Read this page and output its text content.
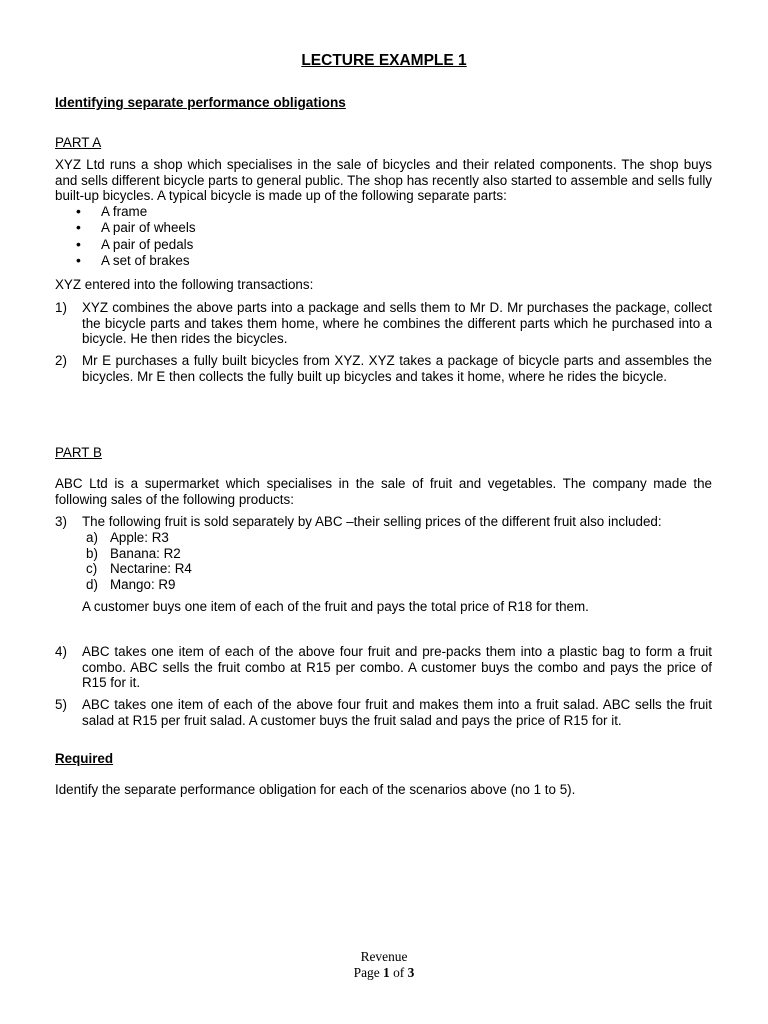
LECTURE EXAMPLE 1
Identifying separate performance obligations
PART A
XYZ Ltd runs a shop which specialises in the sale of bicycles and their related components. The shop buys and sells different bicycle parts to general public. The shop has recently also started to assemble and sells fully built-up bicycles. A typical bicycle is made up of the following separate parts:
• A frame
• A pair of wheels
• A pair of pedals
• A set of brakes
XYZ entered into the following transactions:
1) XYZ combines the above parts into a package and sells them to Mr D. Mr purchases the package, collect the bicycle parts and takes them home, where he combines the different parts which he purchased into a bicycle. He then rides the bicycles.
2) Mr E purchases a fully built bicycles from XYZ. XYZ takes a package of bicycle parts and assembles the bicycles. Mr E then collects the fully built up bicycles and takes it home, where he rides the bicycle.
PART B
ABC Ltd is a supermarket which specialises in the sale of fruit and vegetables. The company made the following sales of the following products:
3) The following fruit is sold separately by ABC –their selling prices of the different fruit also included:
a) Apple: R3
b) Banana: R2
c) Nectarine: R4
d) Mango: R9
A customer buys one item of each of the fruit and pays the total price of R18 for them.
4) ABC takes one item of each of the above four fruit and pre-packs them into a plastic bag to form a fruit combo. ABC sells the fruit combo at R15 per combo. A customer buys the combo and pays the price of R15 for it.
5) ABC takes one item of each of the above four fruit and makes them into a fruit salad. ABC sells the fruit salad at R15 per fruit salad. A customer buys the fruit salad and pays the price of R15 for it.
Required
Identify the separate performance obligation for each of the scenarios above (no 1 to 5).
Revenue
Page 1 of 3
